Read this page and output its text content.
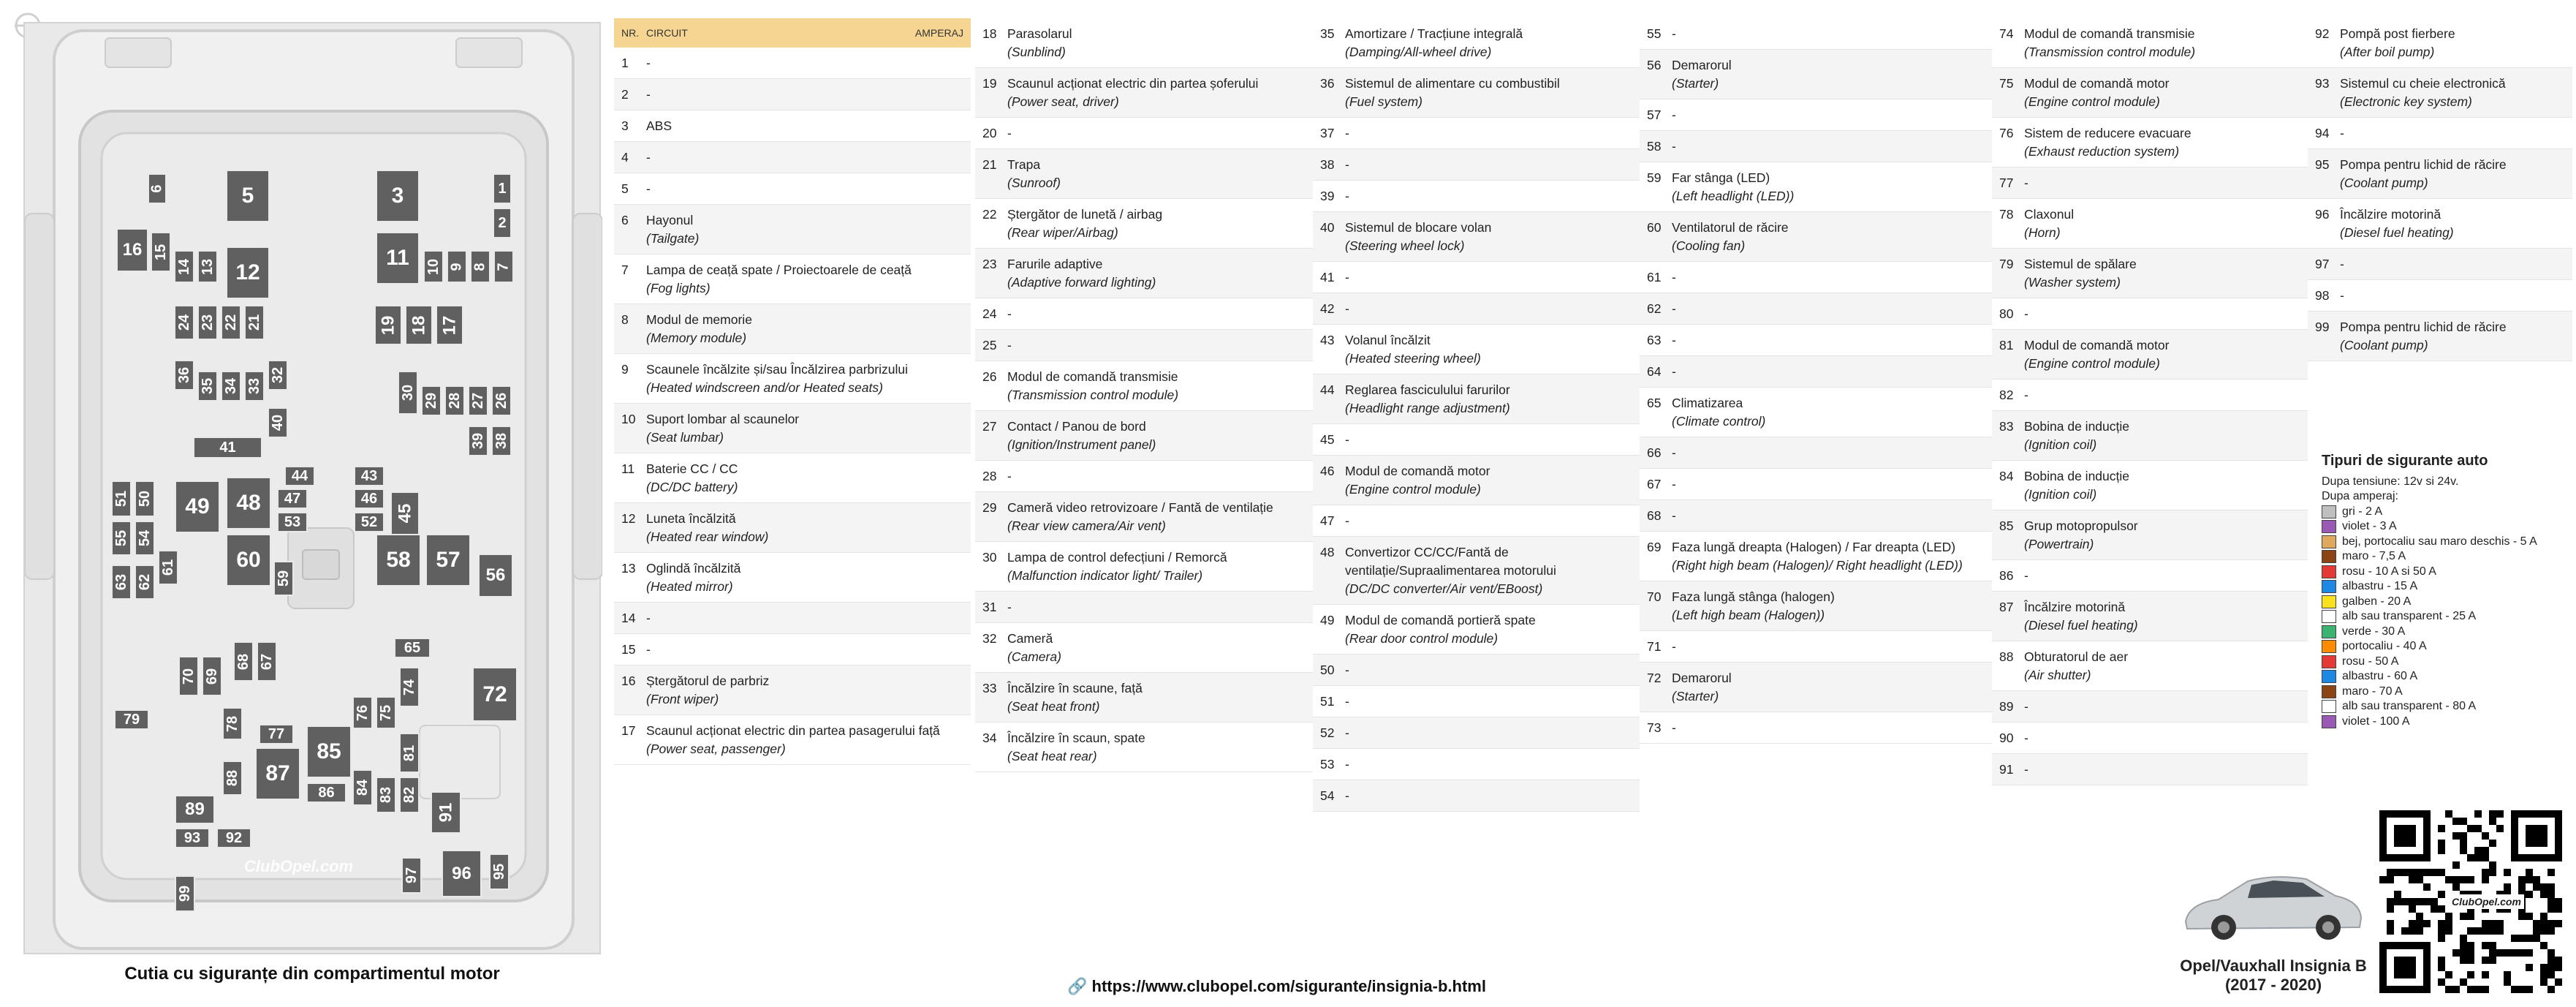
6	5	3	1
2
16 15
14 13 12
11 10 9 8 7
24 23 22 21	19 18 17
36
35 34 33
32
30 29 28 27 26
40
41	39 38
44	43
47	46
48
49
51 50
53	52 45
55 54
63 62
61	60
59
58 57
56
65
70 69
68 67
74	72
79	78
77
76 75
85
88 87
86 84 83 82
81
89
93 92
91
99
97 96 95
ClubOpel.com
Cutia cu siguranțe din compartimentul motor
NR. CIRCUIT	AMPERAJ
1	-
2	-
3	ABS
4	-
5	-
6	Hayonul
(Tailgate)
7	Lampa de ceață spate / Proiectoarele de ceață
(Fog lights)
8	Modul de memorie
(Memory module)
9	Scaunele încălzite și/sau Încălzirea parbrizului
(Heated windscreen and/or Heated seats)
10 Suport lombar al scaunelor
(Seat lumbar)
11 Baterie CC / CC
(DC/DC battery)
12 Luneta încălzită
(Heated rear window)
13 Oglindă încălzită
(Heated mirror)
14 -
15 -
16 Ștergătorul de parbriz
(Front wiper)
17 Scaunul acționat electric din partea pasagerului față
(Power seat, passenger)
18 Parasolarul
(Sunblind)
19 Scaunul acționat electric din partea șoferului
(Power seat, driver)
20 -
21 Trapa
(Sunroof)
22 Ștergător de lunetă / airbag
(Rear wiper/Airbag)
23 Farurile adaptive
(Adaptive forward lighting)
24 -
25 -
26 Modul de comandă transmisie
(Transmission control module)
27 Contact / Panou de bord
(Ignition/Instrument panel)
28 -
29 Cameră video retrovizoare / Fantă de ventilație
(Rear view camera/Air vent)
30 Lampa de control defecțiuni / Remorcă
(Malfunction indicator light/ Trailer)
31 -
32 Cameră
(Camera)
33 Încălzire în scaune, față
(Seat heat front)
34 Încălzire în scaun, spate
(Seat heat rear)
35 Amortizare / Tracțiune integrală
(Damping/All-wheel drive)
36 Sistemul de alimentare cu combustibil
(Fuel system)
37 -
38 -
39 -
40 Sistemul de blocare volan
(Steering wheel lock)
41 -
42 -
43 Volanul încălzit
(Heated steering wheel)
44 Reglarea fasciculului farurilor
(Headlight range adjustment)
45 -
46 Modul de comandă motor
(Engine control module)
47 -
48 Convertizor CC/CC/Fantă de ventilație/Supraalimentarea motorului
(DC/DC converter/Air vent/EBoost)
49 Modul de comandă portieră spate
(Rear door control module)
50 -
51 -
52 -
53 -
54 -
55 -
56 Demarorul
(Starter)
57 -
58 -
59 Far stânga (LED)
(Left headlight (LED))
60 Ventilatorul de răcire
(Cooling fan)
61 -
62 -
63 -
64 -
65 Climatizarea
(Climate control)
66 -
67 -
68 -
69 Faza lungă dreapta (Halogen) / Far dreapta (LED)
(Right high beam (Halogen)/ Right headlight (LED))
70 Faza lungă stânga (halogen)
(Left high beam (Halogen))
71 -
72 Demarorul
(Starter)
73 -
74 Modul de comandă transmisie
(Transmission control module)
75 Modul de comandă motor
(Engine control module)
76 Sistem de reducere evacuare
(Exhaust reduction system)
77 -
78 Claxonul
(Horn)
79 Sistemul de spălare
(Washer system)
80 -
81 Modul de comandă motor
(Engine control module)
82 -
83 Bobina de inducție
(Ignition coil)
84 Bobina de inducție
(Ignition coil)
85 Grup motopropulsor
(Powertrain)
86 -
87 Încălzire motorină
(Diesel fuel heating)
88 Obturatorul de aer
(Air shutter)
89 -
90 -
91 -
92 Pompă post fierbere
(After boil pump)
93 Sistemul cu cheie electronică
(Electronic key system)
94 -
95 Pompa pentru lichid de răcire
(Coolant pump)
96 Încălzire motorină
(Diesel fuel heating)
97 -
98 -
99 Pompa pentru lichid de răcire
(Coolant pump)
Tipuri de sigurante auto
Dupa tensiune: 12v si 24v.
Dupa amperaj:
gri - 2 A
violet - 3 A
bej, portocaliu sau maro deschis - 5 A
maro - 7,5 A
rosu - 10 A si 50 A
albastru - 15 A
galben - 20 A
alb sau transparent - 25 A
verde - 30 A
portocaliu - 40 A
rosu - 50 A
albastru - 60 A
maro - 70 A
alb sau transparent - 80 A
violet - 100 A
Opel/Vauxhall Insignia B
(2017 - 2020)
ClubOpel.com
🔗 https://www.clubopel.com/sigurante/insignia-b.html
